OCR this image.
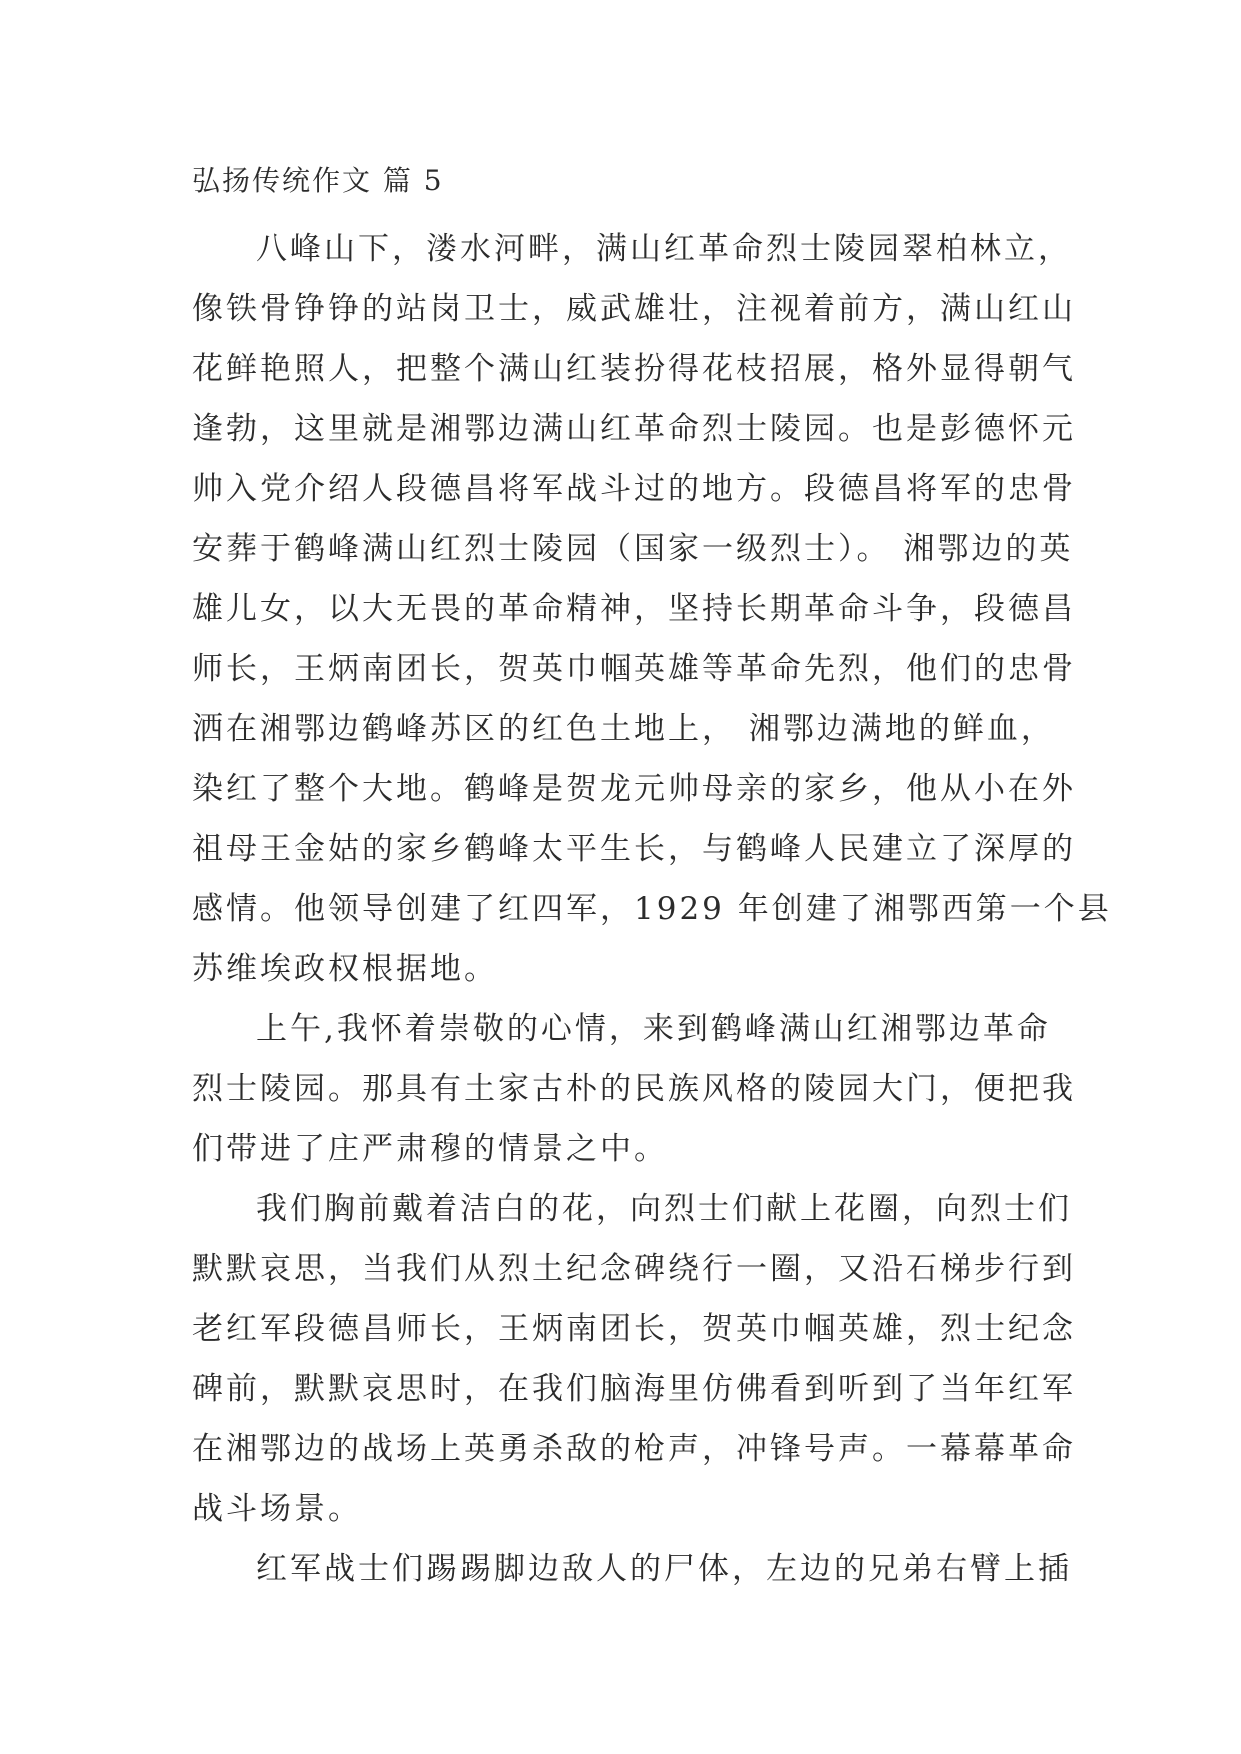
弘扬传统作文 篇 5
八峰山下，溇水河畔，满山红革命烈士陵园翠柏林立，
像铁骨铮铮的站岗卫士，威武雄壮，注视着前方，满山红山
花鲜艳照人，把整个满山红装扮得花枝招展，格外显得朝气
逢勃，这里就是湘鄂边满山红革命烈士陵园。也是彭德怀元
帅入党介绍人段德昌将军战斗过的地方。段德昌将军的忠骨
安葬于鹤峰满山红烈士陵园（国家一级烈士）。 湘鄂边的英
雄儿女，以大无畏的革命精神，坚持长期革命斗争，段德昌
师长，王炳南团长，贺英巾帼英雄等革命先烈，他们的忠骨
洒在湘鄂边鹤峰苏区的红色土地上， 湘鄂边满地的鲜血，
染红了整个大地。鹤峰是贺龙元帅母亲的家乡，他从小在外
祖母王金姑的家乡鹤峰太平生长，与鹤峰人民建立了深厚的
感情。他领导创建了红四军，1929 年创建了湘鄂西第一个县
苏维埃政权根据地。
上午,我怀着崇敬的心情，来到鹤峰满山红湘鄂边革命
烈士陵园。那具有土家古朴的民族风格的陵园大门，便把我
们带进了庄严肃穆的情景之中。
我们胸前戴着洁白的花，向烈士们献上花圈，向烈士们
默默哀思，当我们从烈土纪念碑绕行一圈，又沿石梯步行到
老红军段德昌师长，王炳南团长，贺英巾帼英雄，烈士纪念
碑前，默默哀思时，在我们脑海里仿佛看到听到了当年红军
在湘鄂边的战场上英勇杀敌的枪声，冲锋号声。一幕幕革命
战斗场景。
红军战士们踢踢脚边敌人的尸体，左边的兄弟右臂上插
